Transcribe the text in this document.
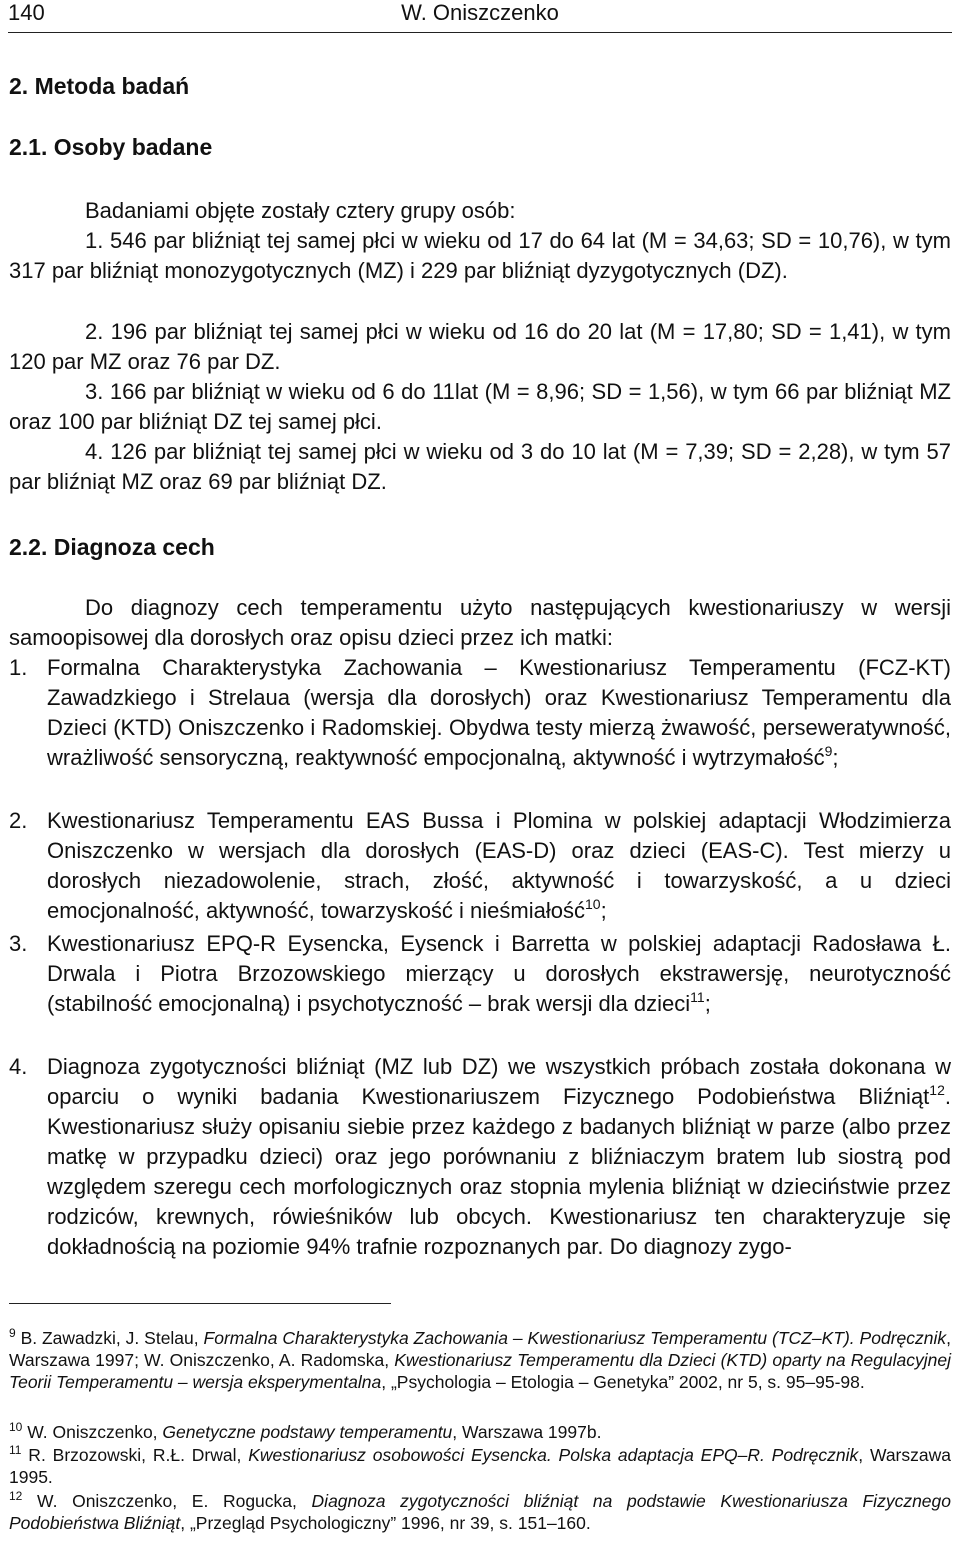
140	W. Oniszczenko
2. Metoda badań
2.1. Osoby badane

Badaniami objęte zostały cztery grupy osób:

1. 546 par bliźniąt tej samej płci w wieku od 17 do 64 lat (M = 34,63; SD = 10,76), w tym 317 par bliźniąt monozygotycznych (MZ) i 229 par bliźniąt dyzygotycznych (DZ).

2. 196 par bliźniąt tej samej płci w wieku od 16 do 20 lat (M = 17,80; SD = 1,41), w tym 120 par MZ oraz 76 par DZ.

3. 166 par bliźniąt w wieku od 6 do 11lat (M = 8,96; SD = 1,56), w tym 66 par bliźniąt MZ oraz 100 par bliźniąt DZ tej samej płci.

4. 126 par bliźniąt tej samej płci w wieku od 3 do 10 lat (M = 7,39; SD = 2,28), w tym 57 par bliźniąt MZ oraz 69 par bliźniąt DZ.

2.2. Diagnoza cech

Do diagnozy cech temperamentu użyto następujących kwestionariuszy w wersji samoopisowej dla dorosłych oraz opisu dzieci przez ich matki:

1. Formalna Charakterystyka Zachowania – Kwestionariusz Temperamentu (FCZ-KT) Zawadzkiego i Strelaua (wersja dla dorosłych) oraz Kwestionariusz Temperamentu dla Dzieci (KTD) Oniszczenko i Radomskiej. Obydwa testy mierzą żwawość, perseweratywność, wrażliwość sensoryczną, reaktywność empocjonalną, aktywność i wytrzymałość$^9$;
2. Kwestionariusz Temperamentu EAS Bussa i Plomina w polskiej adaptacji Włodzimierza Oniszczenko w wersjach dla dorosłych (EAS-D) oraz dzieci (EAS-C). Test mierzy u dorosłych niezadowolenie, strach, złość, aktywność i towarzyskość, a u dzieci emocjonalność, aktywność, towarzyskość i nieśmiałość$^{10}$;
3. Kwestionariusz EPQ-R Eysencka, Eysenck i Barretta w polskiej adaptacji Radosława Ł. Drwala i Piotra Brzozowskiego mierzący u dorosłych ekstrawersję, neurotyczność (stabilność emocjonalną) i psychotyczność – brak wersji dla dzieci$^{11}$;
4. Diagnoza zygotyczności bliźniąt (MZ lub DZ) we wszystkich próbach została dokonana w oparciu o wyniki badania Kwestionariuszem Fizycznego Podobieństwa Bliźniąt$^{12}$. Kwestionariusz służy opisaniu siebie przez każdego z badanych bliźniąt w parze (albo przez matkę w przypadku dzieci) oraz jego porównaniu z bliźniaczym bratem lub siostrą pod względem szeregu cech morfologicznych oraz stopnia mylenia bliźniąt w dzieciństwie przez rodziców, krewnych, rówieśników lub obcych. Kwestionariusz ten charakteryzuje się dokładnością na poziomie 94% trafnie rozpoznanych par. Do diagnozy zygo-

$^9$ B. Zawadzki, J. Stelau, Formalna Charakterystyka Zachowania – Kwestionariusz Temperamentu (TCZ–KT). Podręcznik, Warszawa 1997; W. Oniszczenko, A. Radomska, Kwestionariusz Temperamentu dla Dzieci (KTD) oparty na Regulacyjnej Teorii Temperamentu – wersja eksperymentalna, „Psychologia – Etologia – Genetyka” 2002, nr 5, s. 95–95-98.

$^{10}$ W. Oniszczenko, Genetyczne podstawy temperamentu, Warszawa 1997b.

$^{11}$ R. Brzozowski, R.Ł. Drwal, Kwestionariusz osobowości Eysencka. Polska adaptacja EPQ–R. Podręcznik, Warszawa 1995.

$^{12}$ W. Oniszczenko, E. Rogucka, Diagnoza zygotyczności bliźniąt na podstawie Kwestionariusza Fizycznego Podobieństwa Bliźniąt, „Przegląd Psychologiczny” 1996, nr 39, s. 151–160.
